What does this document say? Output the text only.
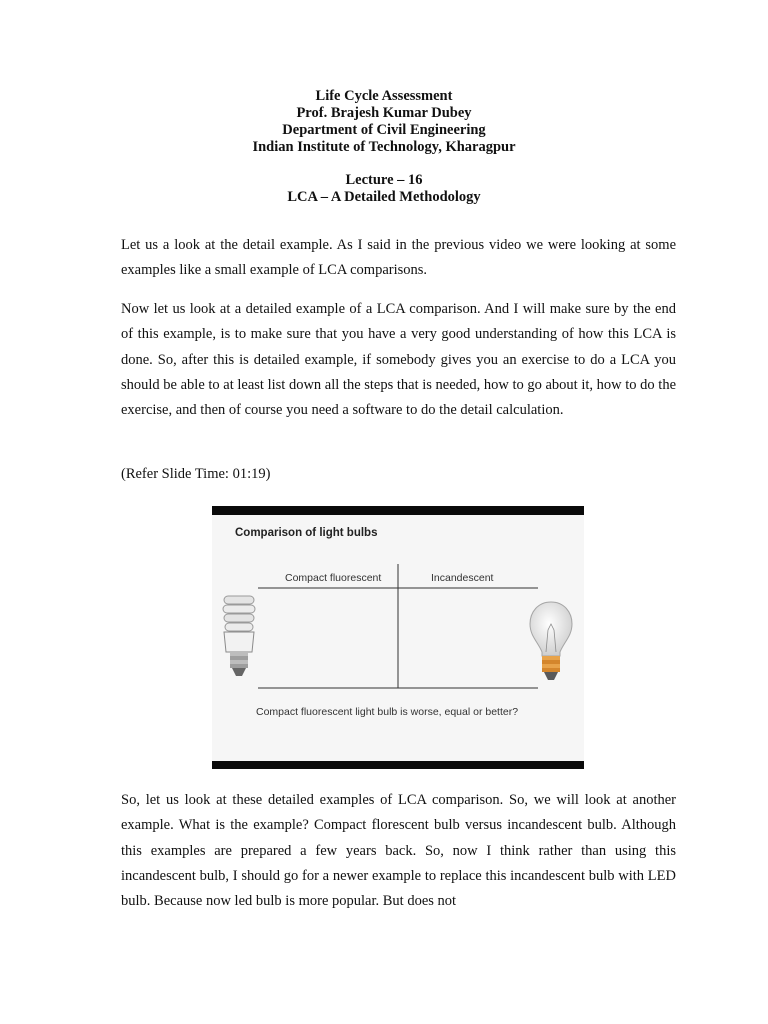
Life Cycle Assessment
Prof. Brajesh Kumar Dubey
Department of Civil Engineering
Indian Institute of Technology, Kharagpur
Lecture – 16
LCA – A Detailed Methodology

Let us a look at the detail example. As I said in the previous video we were looking at some examples like a small example of LCA comparisons.

Now let us look at a detailed example of a LCA comparison. And I will make sure by the end of this example, is to make sure that you have a very good understanding of how this LCA is done. So, after this is detailed example, if somebody gives you an exercise to do a LCA you should be able to at least list down all the steps that is needed, how to go about it, how to do the exercise, and then of course you need a software to do the detail calculation.

(Refer Slide Time: 01:19)

Comparison of light bulbs
Compact fluorescent	Incandescent
Compact fluorescent light bulb is worse, equal or better?

So, let us look at these detailed examples of LCA comparison. So, we will look at another example. What is the example? Compact florescent bulb versus incandescent bulb. Although this examples are prepared a few years back. So, now I think rather than using this incandescent bulb, I should go for a newer example to replace this incandescent bulb with LED bulb. Because now led bulb is more popular. But does not
